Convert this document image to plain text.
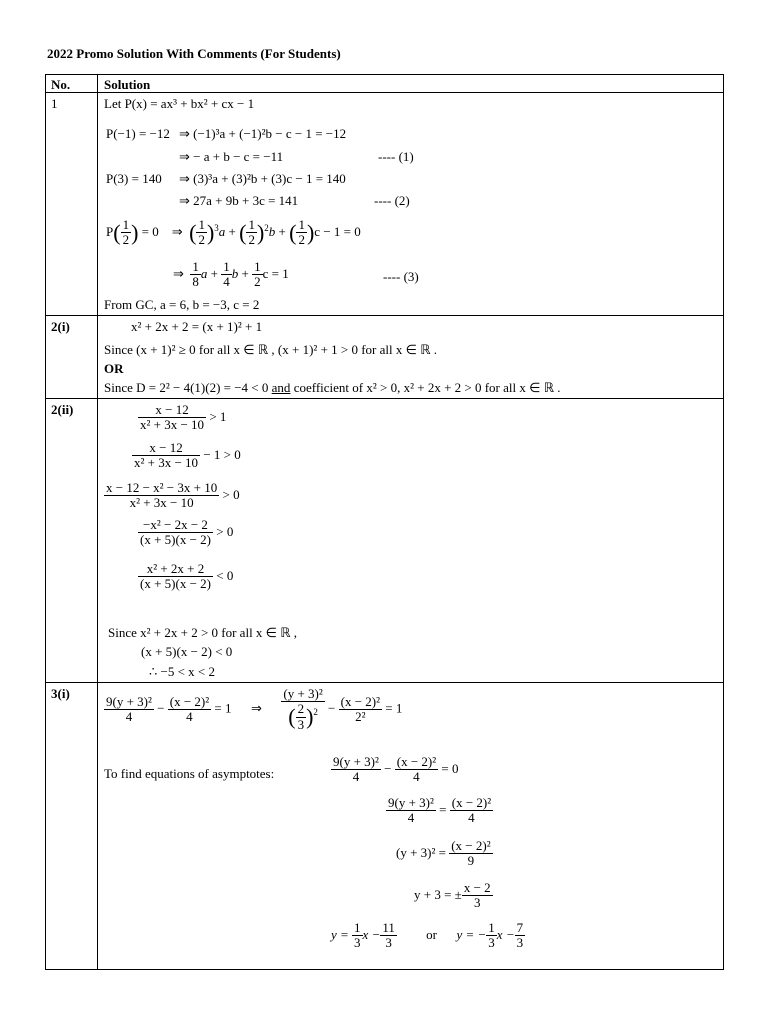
2022 Promo Solution With Comments (For Students)
No.	Solution
1	Let P(x) = ax³ + bx² + cx − 1
P(−1) = −12 ⇒ (−1)³a + (−1)²b − c − 1 = −12
⇒ − a + b − c = −11	---- (1)
P(3) = 140 ⇒ (3)³a + (3)²b + (3)c − 1 = 140
⇒ 27a + 9b + 3c = 141	---- (2)
$P( \frac{1}{2}$ ) = 0 ⇒ ( $\frac{1}{2} )^3a$ + ( $\frac{1}{2} )^2b$ + ( $\frac{1}{2} )c - 1 = 0$
⇒ $\frac{1}{8}$ $a + \frac{1}{4}$ $b + \frac{1}{2}$ c = 1	---- (3)
From GC, a = 6, b = −3, c = 2
2(i)	x² + 2x + 2 = (x + 1)² + 1
Since (x + 1)² ≥ 0 for all x ∈ ℝ , (x + 1)² + 1 > 0 for all x ∈ ℝ .
OR
Since D = 2² − 4(1)(2) = −4 < 0 and coefficient of x² > 0, x² + 2x + 2 > 0 for all x ∈ ℝ .
2(ii)	$\frac{x - 12}{\text{x² + 3x − 10}} > 1$
$\frac{x - 12}{\text{x² + 3x − 10}} - 1 > 0$
$\frac{\text{x − 12 − x² − 3x + 10}}{\text{x² + 3x − 10}} > 0$
$\frac{\text{−x² − 2x − 2}}{(x + 5)(x - 2)} > 0$
$\frac{\text{x² + 2x + 2}}{(x + 5)(x - 2)} < 0$
Since x² + 2x + 2 > 0 for all x ∈ ℝ ,
(x + 5)(x − 2) < 0
∴ −5 < x < 2
3(i)
$\frac{\text{9(y + 3)²}}{4} - \frac{\text{(x − 2)²}}{4} = 1$ ⇒ $\frac{\text{(y + 3)²}}{( \frac{2}{3} )^2} - \frac{\text{(x − 2)²}}{\text{2²}} = 1$
To find equations of asymptotes:	$\frac{\text{9(y + 3)²}}{4} - \frac{\text{(x − 2)²}}{4} = 0$
$\frac{\text{9(y + 3)²}}{4} = \frac{\text{(x − 2)²}}{4}$
$(y + 3)^2 = \frac{\text{(x − 2)²}}{9}$
y + 3 = ± $\frac{x - 2}{3}$
$y = \frac{1}{3}$ $x - \frac{11}{3}$ or y = − $\frac{1}{3}$ $x - \frac{7}{3}$
